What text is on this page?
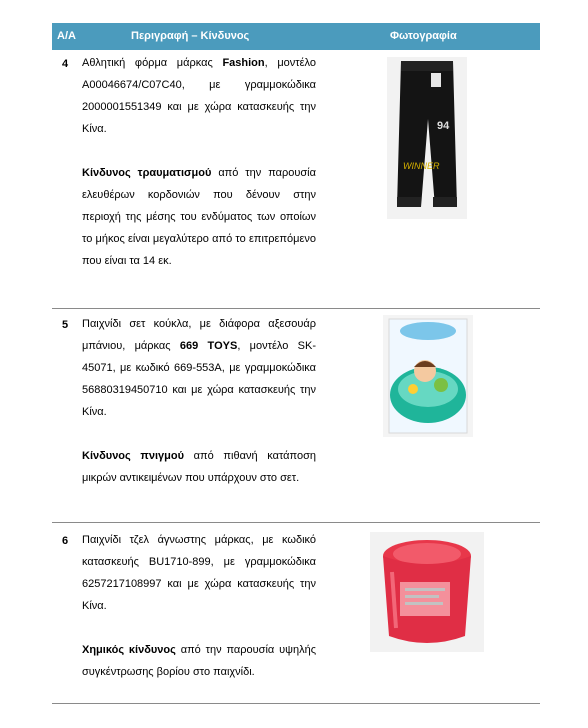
Α/Α	Περιγραφή – Κίνδυνος	Φωτογραφία
4 Αθλητική φόρμα μάρκας Fashion, μοντέλο A00046674/C07C40, με γραμμοκώδικα 2000001551349 και με χώρα κατασκευής την Κίνα.

Κίνδυνος τραυματισμού από την παρουσία ελευθέρων κορδονιών που δένουν στην περιοχή της μέσης του ενδύματος των οποίων το μήκος είναι μεγαλύτερο από το επιτρεπόμενο που είναι τα 14 εκ.

94
WINNER
5 Παιχνίδι σετ κούκλα, με διάφορα αξεσουάρ μπάνιου, μάρκας 669 TOYS, μοντέλο SK-45071, με κωδικό 669-553A, με γραμμοκώδικα 56880319450710 και με χώρα κατασκευής την Κίνα.

Κίνδυνος πνιγμού από πιθανή κατάποση μικρών αντικειμένων που υπάρχουν στο σετ.

6 Παιχνίδι τζελ άγνωστης μάρκας, με κωδικό κατασκευής BU1710-899, με γραμμοκώδικα 6257217108997 και με χώρα κατασκευής την Κίνα.

Χημικός κίνδυνος από την παρουσία υψηλής συγκέντρωσης βορίου στο παιχνίδι.
